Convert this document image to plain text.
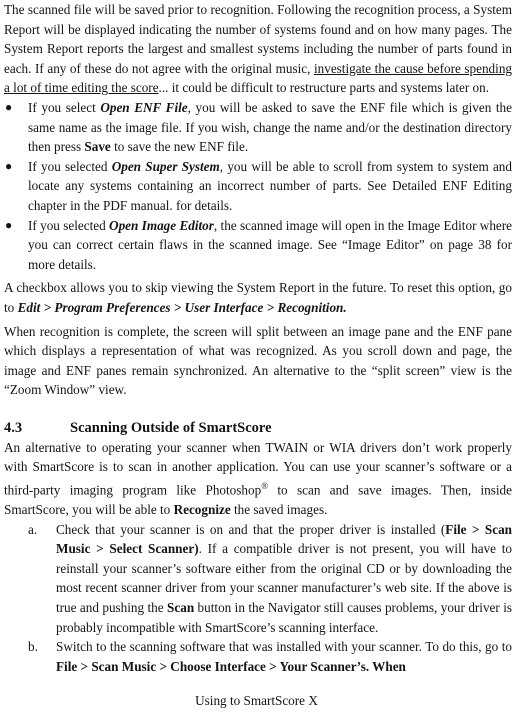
The scanned file will be saved prior to recognition. Following the recognition process, a System Report will be displayed indicating the number of systems found and on how many pages. The System Report reports the largest and smallest systems including the number of parts found in each. If any of these do not agree with the original music, investigate the cause before spending a lot of time editing the score... it could be difficult to restructure parts and systems later on.

● If you select Open ENF File, you will be asked to save the ENF file which is given the same name as the image file. If you wish, change the name and/or the destination directory then press Save to save the new ENF file.
● If you selected Open Super System, you will be able to scroll from system to system and locate any systems containing an incorrect number of parts. See Detailed ENF Editing chapter in the PDF manual. for details.
● If you selected Open Image Editor, the scanned image will open in the Image Editor where you can correct certain flaws in the scanned image. See “Image Editor” on page 38 for more details.

A checkbox allows you to skip viewing the System Report in the future. To reset this option, go to Edit > Program Preferences > User Interface > Recognition.

When recognition is complete, the screen will split between an image pane and the ENF pane which displays a representation of what was recognized. As you scroll down and page, the image and ENF panes remain synchronized. An alternative to the “split screen” view is the “Zoom Window” view.

4.3	Scanning Outside of SmartScore

An alternative to operating your scanner when TWAIN or WIA drivers don’t work properly with SmartScore is to scan in another application. You can use your scanner’s software or a third-party imaging program like Photoshop® to scan and save images. Then, inside SmartScore, you will be able to Recognize the saved images.

a. Check that your scanner is on and that the proper driver is installed (File > Scan Music > Select Scanner). If a compatible driver is not present, you will have to reinstall your scanner’s software either from the original CD or by downloading the most recent scanner driver from your scanner manufacturer’s web site. If the above is true and pushing the Scan button in the Navigator still causes problems, your driver is probably incompatible with SmartScore’s scanning interface.
b. Switch to the scanning software that was installed with your scanner. To do this, go to File > Scan Music > Choose Interface > Your Scanner’s. When
Using to SmartScore X
